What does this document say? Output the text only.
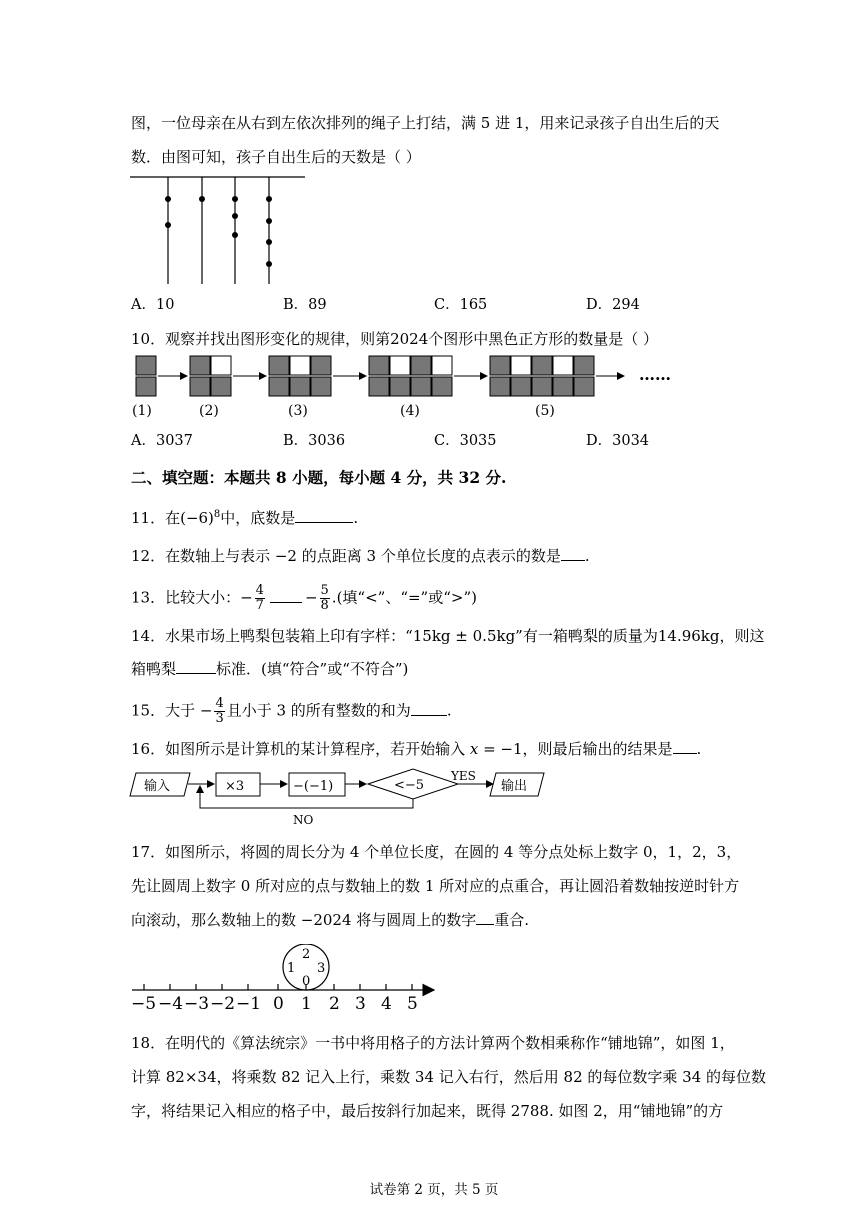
图，一位母亲在从右到左依次排列的绳子上打结，满 5 进 1，用来记录孩子自出生后的天
数．由图可知，孩子自出生后的天数是（ ）
A．10	B．89	C．165	D．294
10．观察并找出图形变化的规律，则第2024个图形中黑色正方形的数量是（ ）
……
(1)	(2)	(3)	(4)	(5)
A．3037	B．3036	C．3035	D．3034
二、填空题：本题共 8 小题，每小题 4 分，共 32 分.
11．在$(-6)^8$中，底数是	.
12．在数轴上与表示 −2 的点距离 3 个单位长度的点表示的数是 .
13．比较大小：− $\frac{4}{7}$	− $\frac{5}{8}$ .(填“<”、“=”或“>”)
14．水果市场上鸭梨包装箱上印有字样：“15kg ± 0.5kg”有一箱鸭梨的质量为14.96kg，则这
箱鸭梨	标准．(填“符合”或“不符合”)
15．大于 − $\frac{4}{3}$ 且小于 3 的所有整数的和为 .
16．如图所示是计算机的某计算程序，若开始输入 x = −1，则最后输出的结果是 .
输入	×3	−(−1)	<−5
YES
NO
输出
17．如图所示，将圆的周长分为 4 个单位长度，在圆的 4 等分点处标上数字 0，1，2，3，
先让圆周上数字 0 所对应的点与数轴上的数 1 所对应的点重合，再让圆沿着数轴按逆时针方
向滚动，那么数轴上的数 −2024 将与圆周上的数字 重合.
2
1 3
0
−5 −4 −3 −2 −1 0 1 2 3 4 5
18．在明代的《算法统宗》一书中将用格子的方法计算两个数相乘称作“铺地锦”，如图 1，
计算 82×34，将乘数 82 记入上行，乘数 34 记入右行，然后用 82 的每位数字乘 34 的每位数
字，将结果记入相应的格子中，最后按斜行加起来，既得 2788. 如图 2，用“铺地锦”的方
试卷第 2 页，共 5 页
